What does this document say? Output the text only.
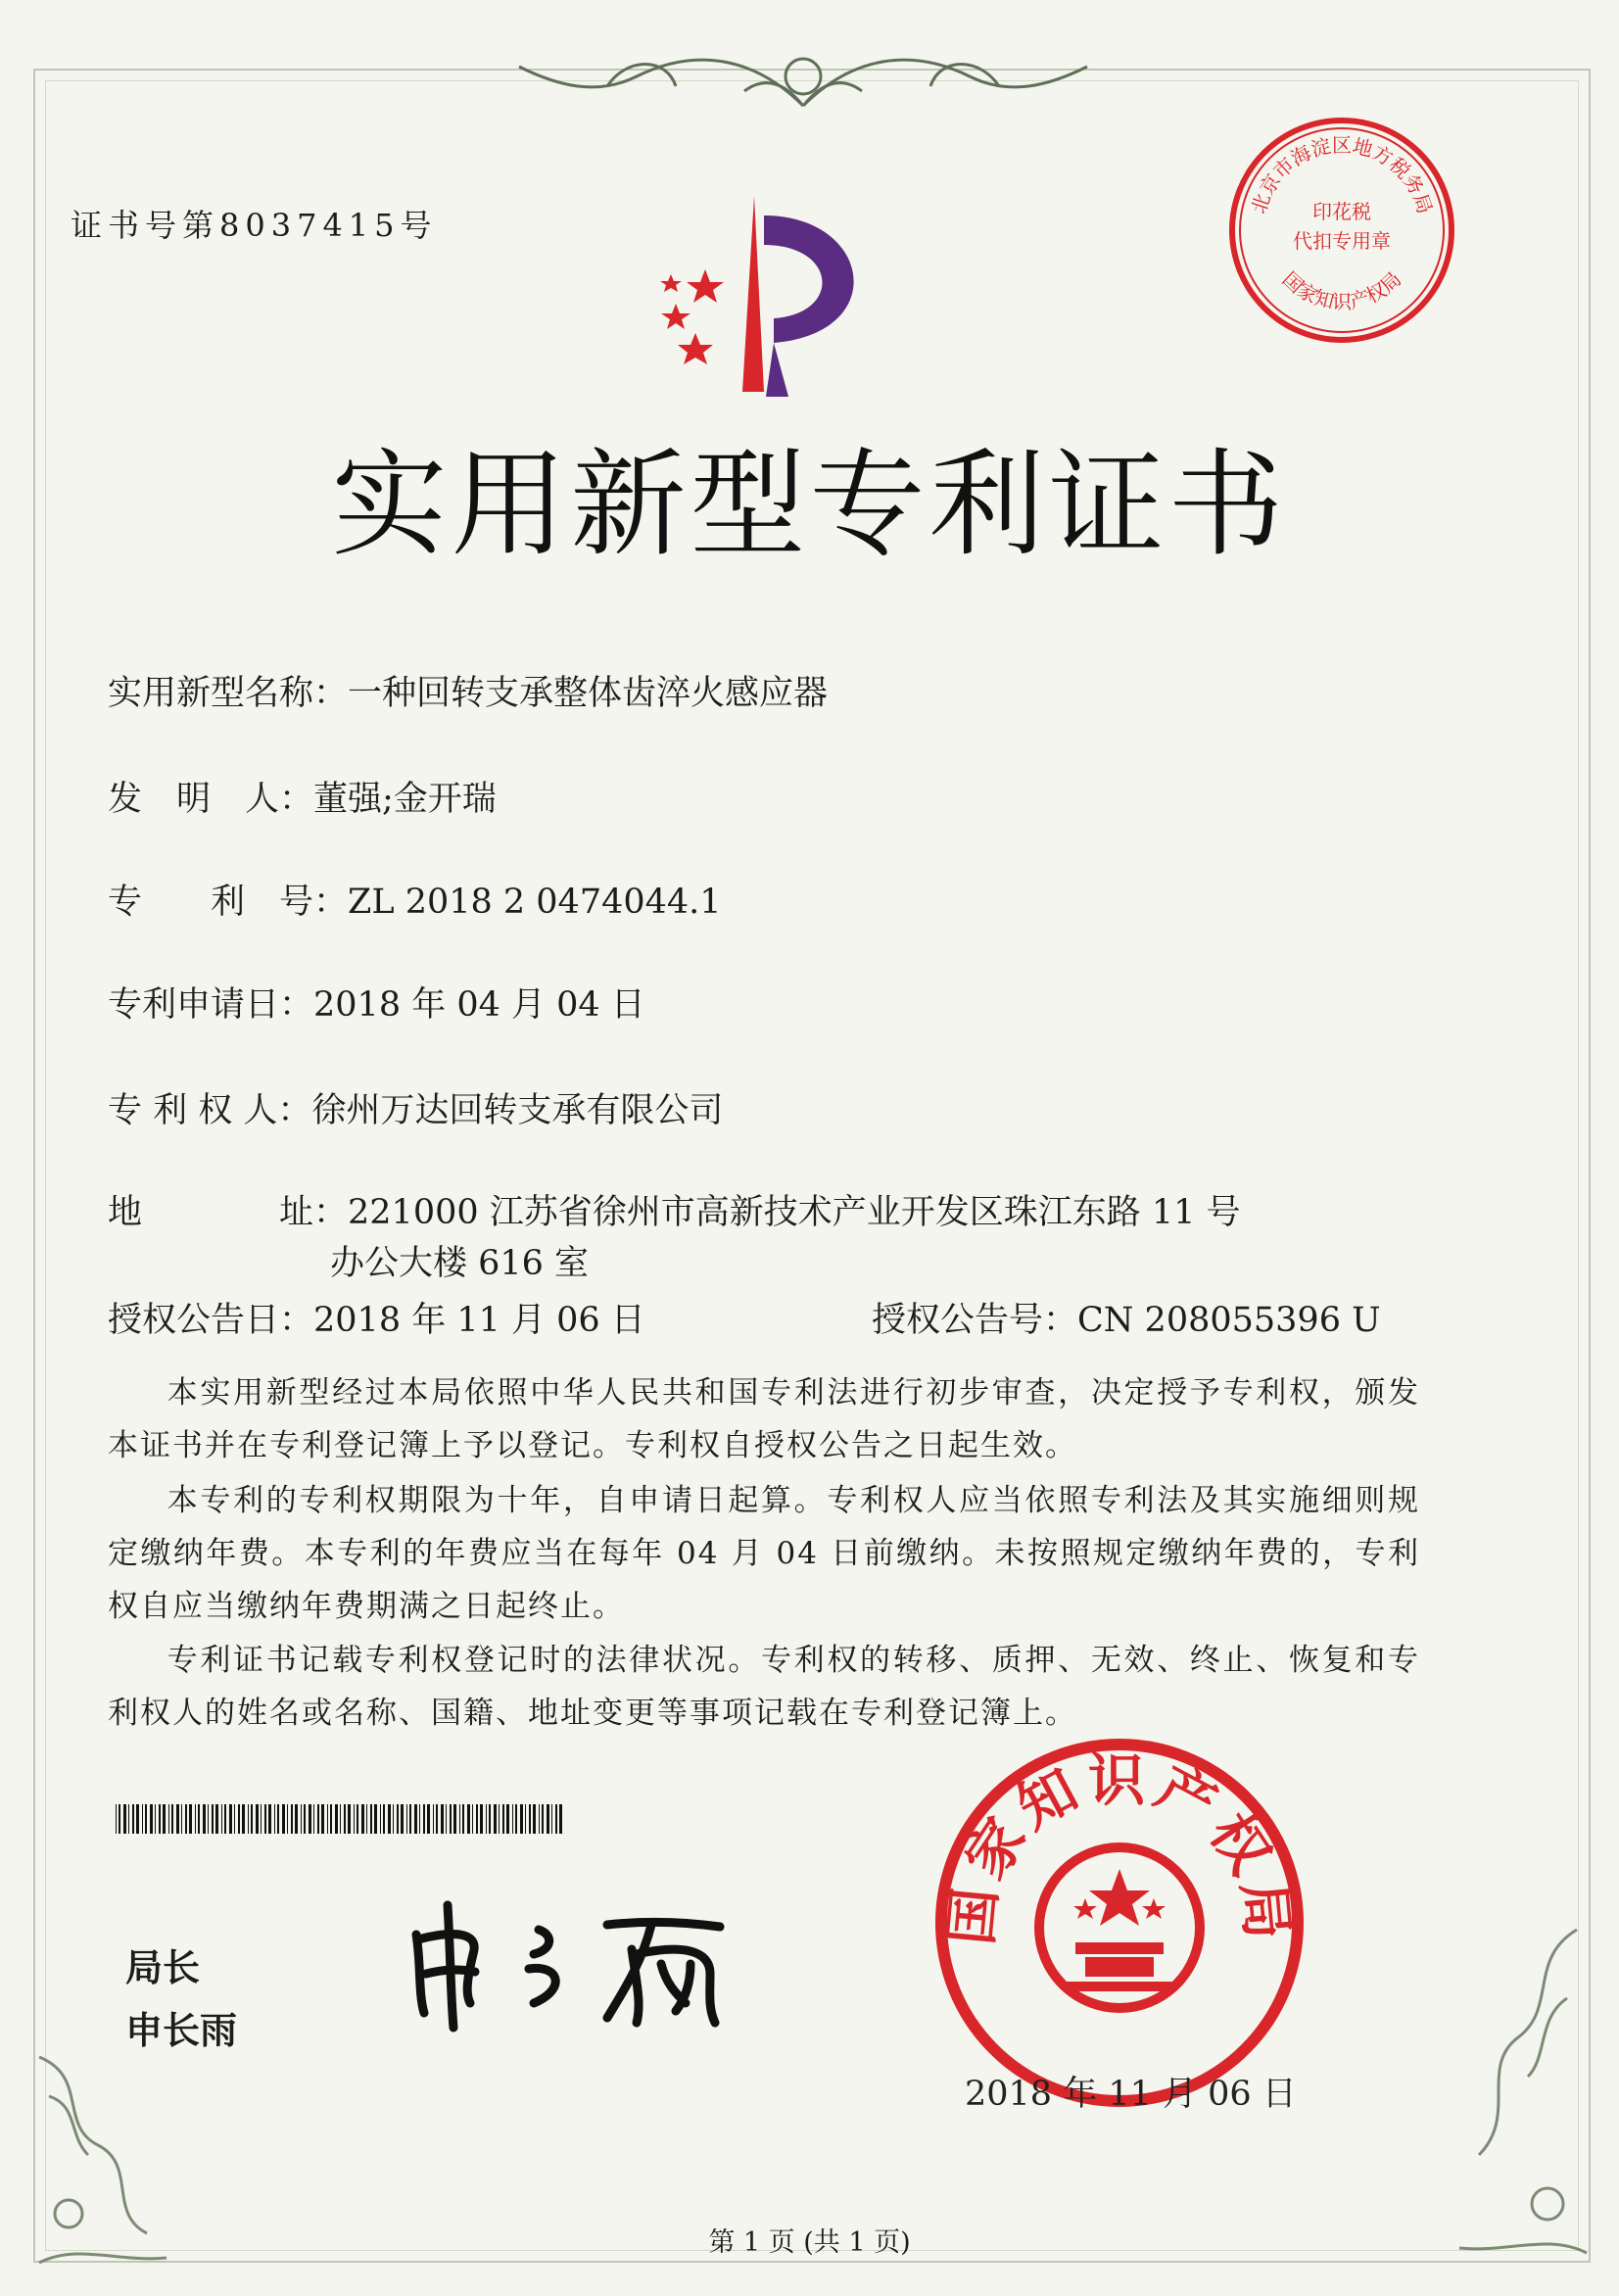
证书号第8037415号
北京市海淀区地方税务局
国家知识产权局
印花税
代扣专用章
实用新型专利证书
实用新型名称：一种回转支承整体齿淬火感应器
发　明　人：董强;金开瑞
专　　利　号：ZL 2018 2 0474044.1
专利申请日：2018 年 04 月 04 日
专 利 权 人：徐州万达回转支承有限公司
地　　　　址：221000 江苏省徐州市高新技术产业开发区珠江东路 11 号
办公大楼 616 室
授权公告日：2018 年 11 月 06 日	授权公告号：CN 208055396 U
本实用新型经过本局依照中华人民共和国专利法进行初步审查，决定授予专利权，颁发本证书并在专利登记簿上予以登记。专利权自授权公告之日起生效。
本专利的专利权期限为十年，自申请日起算。专利权人应当依照专利法及其实施细则规定缴纳年费。本专利的年费应当在每年 04 月 04 日前缴纳。未按照规定缴纳年费的，专利权自应当缴纳年费期满之日起终止。
专利证书记载专利权登记时的法律状况。专利权的转移、质押、无效、终止、恢复和专利权人的姓名或名称、国籍、地址变更等事项记载在专利登记簿上。
局长
申长雨
国家知识产权局
2018 年 11 月 06 日
第 1 页 (共 1 页)
